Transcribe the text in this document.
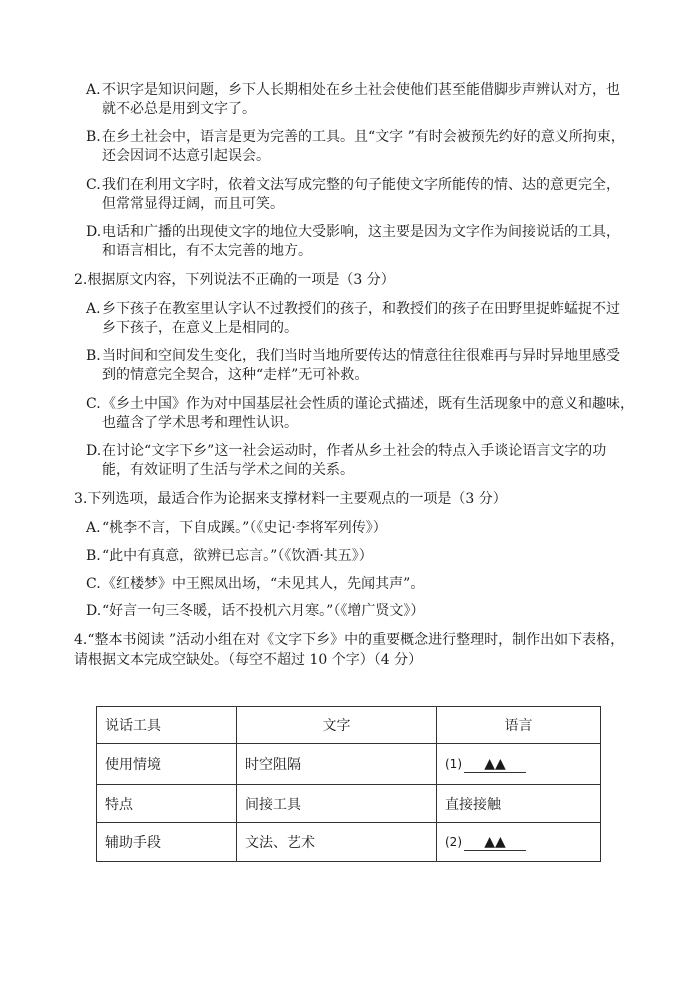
A. 不识字是知识问题，乡下人长期相处在乡土社会使他们甚至能借脚步声辨认对方，也
就不必总是用到文字了。
B. 在乡土社会中，语言是更为完善的工具。且“文字 ”有时会被预先约好的意义所拘束，
还会因词不达意引起误会。
C. 我们在利用文字时，依着文法写成完整的句子能使文字所能传的情、达的意更完全，
但常常显得迂阔，而且可笑。
D. 电话和广播的出现使文字的地位大受影响，这主要是因为文字作为间接说话的工具，
和语言相比，有不太完善的地方。
2.根据原文内容，下列说法不正确的一项是（3 分）
A. 乡下孩子在教室里认字认不过教授们的孩子，和教授们的孩子在田野里捉蚱蜢捉不过
乡下孩子，在意义上是相同的。
B. 当时间和空间发生变化，我们当时当地所要传达的情意往往很难再与异时异地里感受
到的情意完全契合，这种“走样”无可补救。
C. 《乡土中国》作为对中国基层社会性质的谨论式描述，既有生活现象中的意义和趣味，
也蕴含了学术思考和理性认识。
D. 在讨论“文字下乡”这一社会运动时，作者从乡土社会的特点入手谈论语言文字的功
能，有效证明了生活与学术之间的关系。
3.下列选项，最适合作为论据来支撑材料一主要观点的一项是（3 分）
A. “桃李不言，下自成蹊。”（《史记·李将军列传》）
B. “此中有真意，欲辨已忘言。”（《饮酒·其五》）
C. 《红楼梦》中王熙凤出场，“未见其人，先闻其声”。
D. “好言一句三冬暖，话不投机六月寒。”（《增广贤文》）
4.“整本书阅读 ”活动小组在对《文字下乡》中的重要概念进行整理时，制作出如下表格，
请根据文本完成空缺处。（每空不超过 10 个字）（4 分）
说话工具	文字	语言
使用情境	时空阻隔	(1) ▲▲
特点	间接工具	直接接触
辅助手段	文法、艺术	(2) ▲▲
